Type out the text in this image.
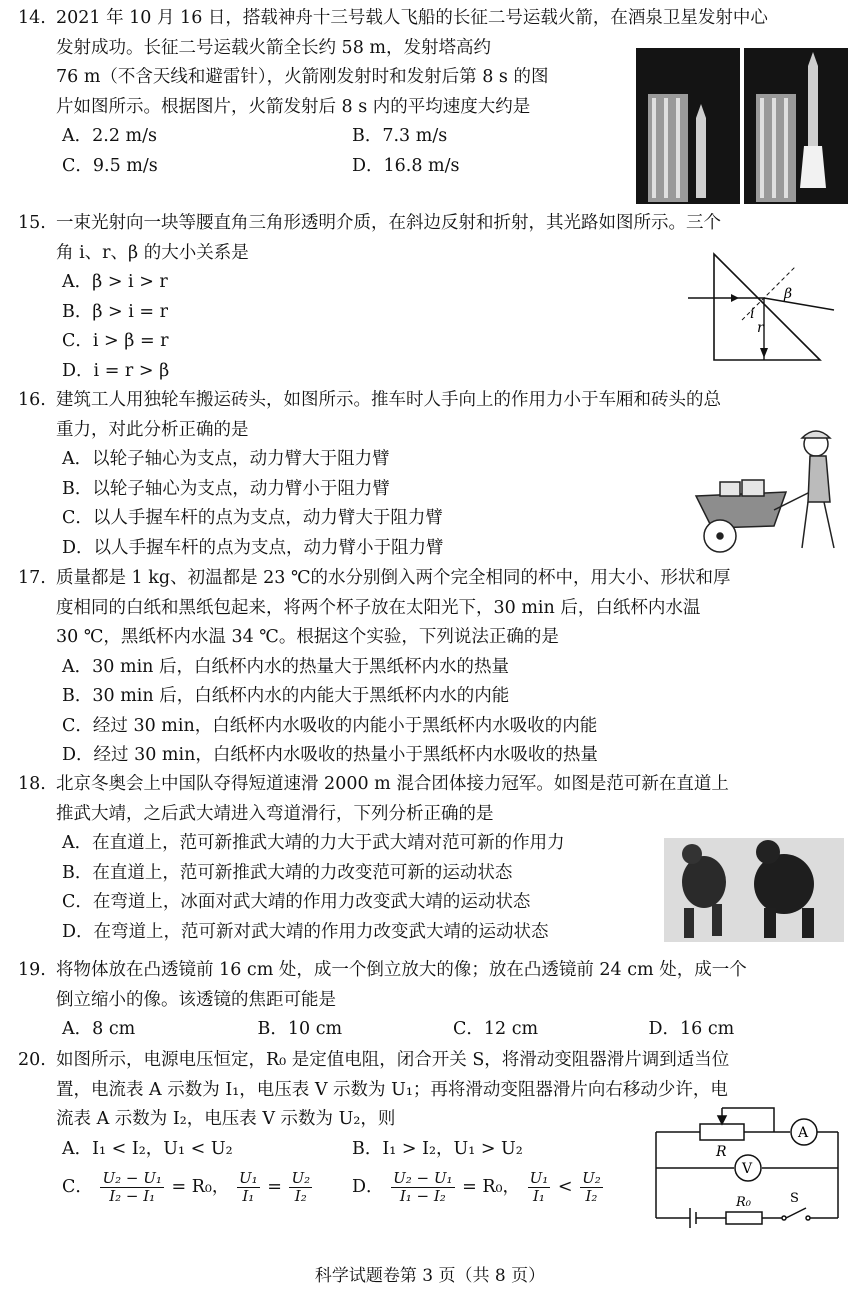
14. 2021 年 10 月 16 日，搭载神舟十三号载人飞船的长征二号运载火箭，在酒泉卫星发射中心
发射成功。长征二号运载火箭全长约 58 m，发射塔高约
76 m（不含天线和避雷针），火箭刚发射时和发射后第 8 s 的图
片如图所示。根据图片，火箭发射后 8 s 内的平均速度大约是
A．2.2 m/s	B．7.3 m/s
C．9.5 m/s	D．16.8 m/s
15. 一束光射向一块等腰直角三角形透明介质，在斜边反射和折射，其光路如图所示。三个
角 i、r、β 的大小关系是
A．β > i > r
B．β > i = r
C．i > β = r
D．i = r > β
i
r
β
16. 建筑工人用独轮车搬运砖头，如图所示。推车时人手向上的作用力小于车厢和砖头的总
重力，对此分析正确的是
A．以轮子轴心为支点，动力臂大于阻力臂
B．以轮子轴心为支点，动力臂小于阻力臂
C．以人手握车杆的点为支点，动力臂大于阻力臂
D．以人手握车杆的点为支点，动力臂小于阻力臂
17. 质量都是 1 kg、初温都是 23 ℃的水分别倒入两个完全相同的杯中，用大小、形状和厚
度相同的白纸和黑纸包起来，将两个杯子放在太阳光下，30 min 后，白纸杯内水温
30 ℃，黑纸杯内水温 34 ℃。根据这个实验，下列说法正确的是
A．30 min 后，白纸杯内水的热量大于黑纸杯内水的热量
B．30 min 后，白纸杯内水的内能大于黑纸杯内水的内能
C．经过 30 min，白纸杯内水吸收的内能小于黑纸杯内水吸收的内能
D．经过 30 min，白纸杯内水吸收的热量小于黑纸杯内水吸收的热量
18. 北京冬奥会上中国队夺得短道速滑 2000 m 混合团体接力冠军。如图是范可新在直道上
推武大靖，之后武大靖进入弯道滑行，下列分析正确的是
A．在直道上，范可新推武大靖的力大于武大靖对范可新的作用力
B．在直道上，范可新推武大靖的力改变范可新的运动状态
C．在弯道上，冰面对武大靖的作用力改变武大靖的运动状态
D．在弯道上，范可新对武大靖的作用力改变武大靖的运动状态
19. 将物体放在凸透镜前 16 cm 处，成一个倒立放大的像；放在凸透镜前 24 cm 处，成一个
倒立缩小的像。该透镜的焦距可能是
A．8 cm	B．10 cm	C．12 cm	D．16 cm
20. 如图所示，电源电压恒定，R₀ 是定值电阻，闭合开关 S，将滑动变阻器滑片调到适当位
置，电流表 A 示数为 I₁，电压表 V 示数为 U₁；再将滑动变阻器滑片向右移动少许，电
流表 A 示数为 I₂，电压表 V 示数为 U₂，则
A．I₁ < I₂，U₁ < U₂	B．I₁ > I₂，U₁ > U₂
C． $\frac{\text{U₂ − U₁}}{\text{I₂ − I₁}} = R_0$， $\frac{\text{U₁}}{\text{I₁}} = \frac{\text{U₂}}{\text{I₂}}$ D． $\frac{\text{U₂ − U₁}}{\text{I₁ − I₂}} = R_0$， $\frac{\text{U₁}}{\text{I₁}} < \frac{\text{U₂}}{\text{I₂}}$
R
A
V
R₀	S
科学试题卷第 3 页（共 8 页）
